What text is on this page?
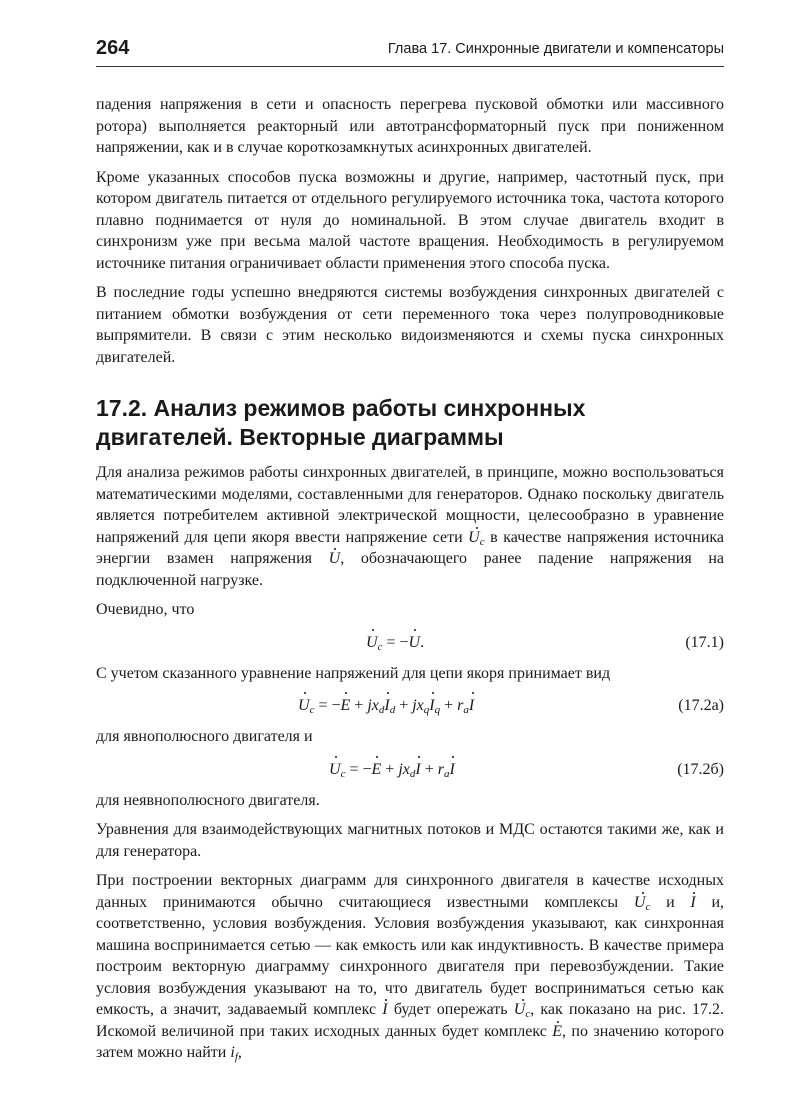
264	Глава 17. Синхронные двигатели и компенсаторы

падения напряжения в сети и опасность перегрева пусковой обмотки или массивного ротора) выполняется реакторный или автотрансформаторный пуск при пониженном напряжении, как и в случае короткозамкнутых асинхронных двигателей.

Кроме указанных способов пуска возможны и другие, например, частотный пуск, при котором двигатель питается от отдельного регулируемого источника тока, частота которого плавно поднимается от нуля до номинальной. В этом случае двигатель входит в синхронизм уже при весьма малой частоте вращения. Необходимость в регулируемом источнике питания ограничивает области применения этого способа пуска.

В последние годы успешно внедряются системы возбуждения синхронных двигателей с питанием обмотки возбуждения от сети переменного тока через полупроводниковые выпрямители. В связи с этим несколько видоизменяются и схемы пуска синхронных двигателей.

17.2. Анализ режимов работы синхронных двигателей. Векторные диаграммы

Для анализа режимов работы синхронных двигателей, в принципе, можно воспользоваться математическими моделями, составленными для генераторов. Однако поскольку двигатель является потребителем активной электрической мощности, целесообразно в уравнение напряжений для цепи якоря ввести напряжение сети $U_c$ в качестве напряжения источника энергии взамен напряжения U, обозначающего ранее падение напряжения на подключенной нагрузке.

Очевидно, что

$U_c = -U$.	(17.1)

С учетом сказанного уравнение напряжений для цепи якоря принимает вид

$U_c = -E + jx_dI_d + jx_qI_q + r_aI$	(17.2а)

для явнополюсного двигателя и

$U_c = -E + jx_dI + r_aI$	(17.2б)

для неявнополюсного двигателя.

Уравнения для взаимодействующих магнитных потоков и МДС остаются такими же, как и для генератора.

При построении векторных диаграмм для синхронного двигателя в качестве исходных данных принимаются обычно считающиеся известными комплексы $U_c$ и I и, соответственно, условия возбуждения. Условия возбуждения указывают, как синхронная машина воспринимается сетью — как емкость или как индуктивность. В качестве примера построим векторную диаграмму синхронного двигателя при перевозбуждении. Такие условия возбуждения указывают на то, что двигатель будет восприниматься сетью как емкость, а значит, задаваемый комплекс I будет опережать $U_c$, как показано на рис. 17.2. Искомой величиной при таких исходных данных будет комплекс E, по значению которого затем можно найти $i_f$,
